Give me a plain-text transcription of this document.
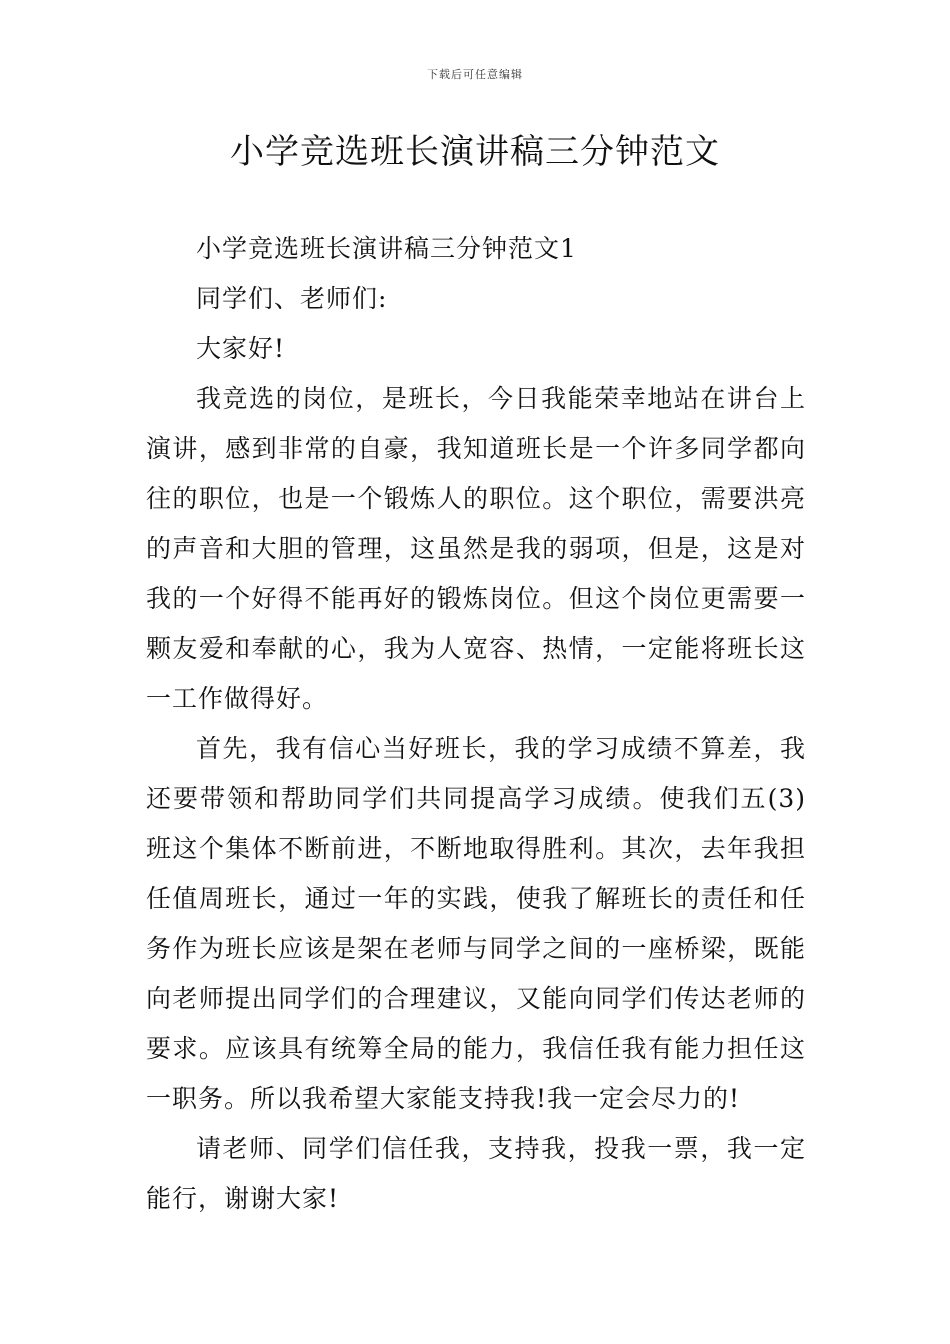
下载后可任意编辑
小学竞选班长演讲稿三分钟范文

小学竞选班长演讲稿三分钟范文1

同学们、老师们:

大家好!

我竞选的岗位，是班长，今日我能荣幸地站在讲台上演讲，感到非常的自豪，我知道班长是一个许多同学都向往的职位，也是一个锻炼人的职位。这个职位，需要洪亮的声音和大胆的管理，这虽然是我的弱项，但是，这是对我的一个好得不能再好的锻炼岗位。但这个岗位更需要一颗友爱和奉献的心，我为人宽容、热情，一定能将班长这一工作做得好。

首先，我有信心当好班长，我的学习成绩不算差，我还要带领和帮助同学们共同提高学习成绩。使我们五(3)班这个集体不断前进，不断地取得胜利。其次，去年我担任值周班长，通过一年的实践，使我了解班长的责任和任务作为班长应该是架在老师与同学之间的一座桥梁，既能向老师提出同学们的合理建议，又能向同学们传达老师的要求。应该具有统筹全局的能力，我信任我有能力担任这一职务。所以我希望大家能支持我!我一定会尽力的!

请老师、同学们信任我，支持我，投我一票，我一定能行，谢谢大家!
